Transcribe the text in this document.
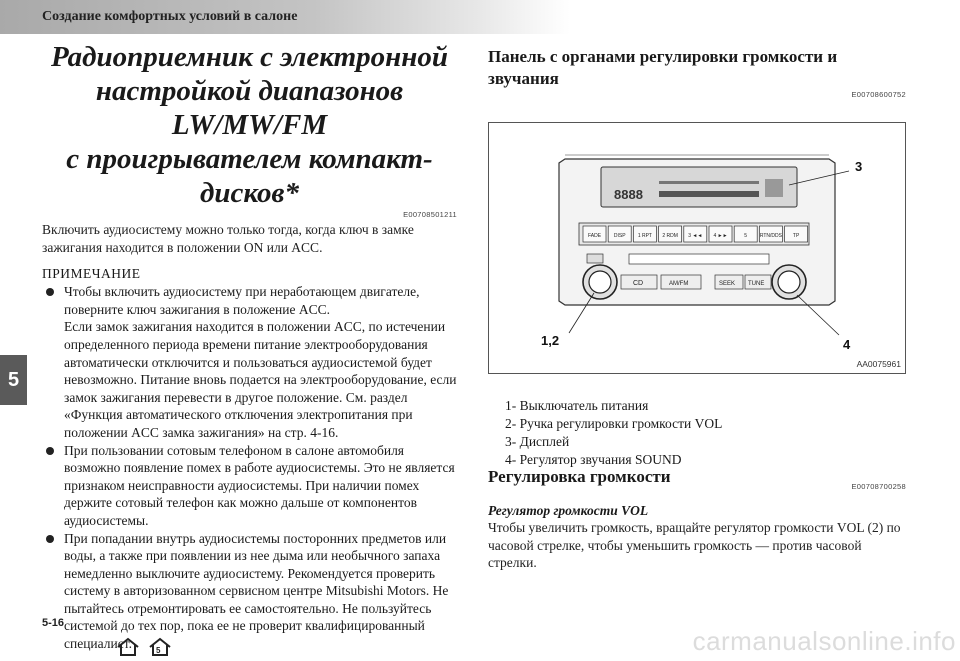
Создание комфортных условий в салоне
5
Радиоприемник с электронной
настройкой диапазонов LW/MW/FM
с проигрывателем компакт-дисков*
E00708501211
Включить аудиосистему можно только тогда, когда ключ в замке зажигания находится в положении ON или ACC.
ПРИМЕЧАНИЕ

Чтобы включить аудиосистему при неработающем двигателе, поверните ключ зажигания в положение ACC.

Если замок зажигания находится в положении ACC, по истечении определенного периода времени питание электрооборудования автоматически отключится и пользоваться аудиосистемой будет невозможно. Питание вновь подается на электрооборудование, если замок зажигания перевести в другое положение. См. раздел «Функция автоматического отключения электропитания при положении ACC замка зажигания» на стр. 4-16.

При пользовании сотовым телефоном в салоне автомобиля возможно появление помех в работе аудиосистемы. Это не является признаком неисправности аудиосистемы. При наличии помех держите сотовый телефон как можно дальше от компонентов аудиосистемы.

При попадании внутрь аудиосистемы посторонних предметов или воды, а также при появлении из нее дыма или необычного запаха немедленно выключите аудиосистему. Рекомендуется проверить систему в авторизованном сервисном центре Mitsubishi Motors. Не пытайтесь отремонтировать ее самостоятельно. Не пользуйтесь системой до тех пор, пока ее не проверит квалифицированный специалист.

Панель с органами регулировки громкости и звучания
E00708600752
8888
FADE	DISP 1 RPT 2 RDM 3 ◄◄ 4 ►►	5	RTN/DDS TP
CD	AM/FM	SEEK TUNE
3
1,2	4
AA0075961
1- Выключатель питания
2- Ручка регулировки громкости VOL
3- Дисплей
4- Регулятор звучания SOUND
Регулировка громкости
E00708700258
Регулятор громкости VOL
Чтобы увеличить громкость, вращайте регулятор громкости VOL (2) по часовой стрелке, чтобы уменьшить громкость — против часовой стрелки.
5-16
5	carmanualsonline.info
